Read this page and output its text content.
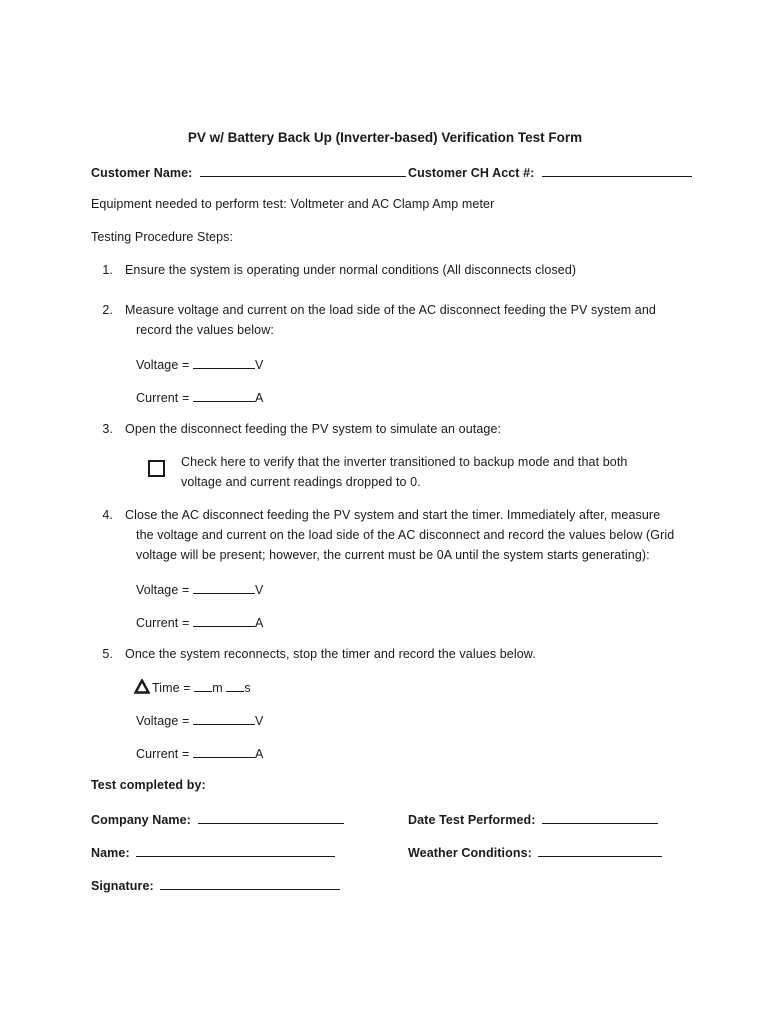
PV w/ Battery Back Up (Inverter-based) Verification Test Form
Customer Name:	Customer CH Acct #:
Equipment needed to perform test: Voltmeter and AC Clamp Amp meter
Testing Procedure Steps:
1. Ensure the system is operating under normal conditions (All disconnects closed)
2. Measure voltage and current on the load side of the AC disconnect feeding the PV system and
record the values below:
Voltage =	V
Current =	A
3. Open the disconnect feeding the PV system to simulate an outage:
Check here to verify that the inverter transitioned to backup mode and that both
voltage and current readings dropped to 0.
4. Close the AC disconnect feeding the PV system and start the timer. Immediately after, measure
the voltage and current on the load side of the AC disconnect and record the values below (Grid
voltage will be present; however, the current must be 0A until the system starts generating):
Voltage =	V
Current =	A
5. Once the system reconnects, stop the timer and record the values below.
Time = m s
Voltage =	V
Current =	A
Test completed by:
Company Name:	Date Test Performed:
Name:	Weather Conditions:
Signature:
